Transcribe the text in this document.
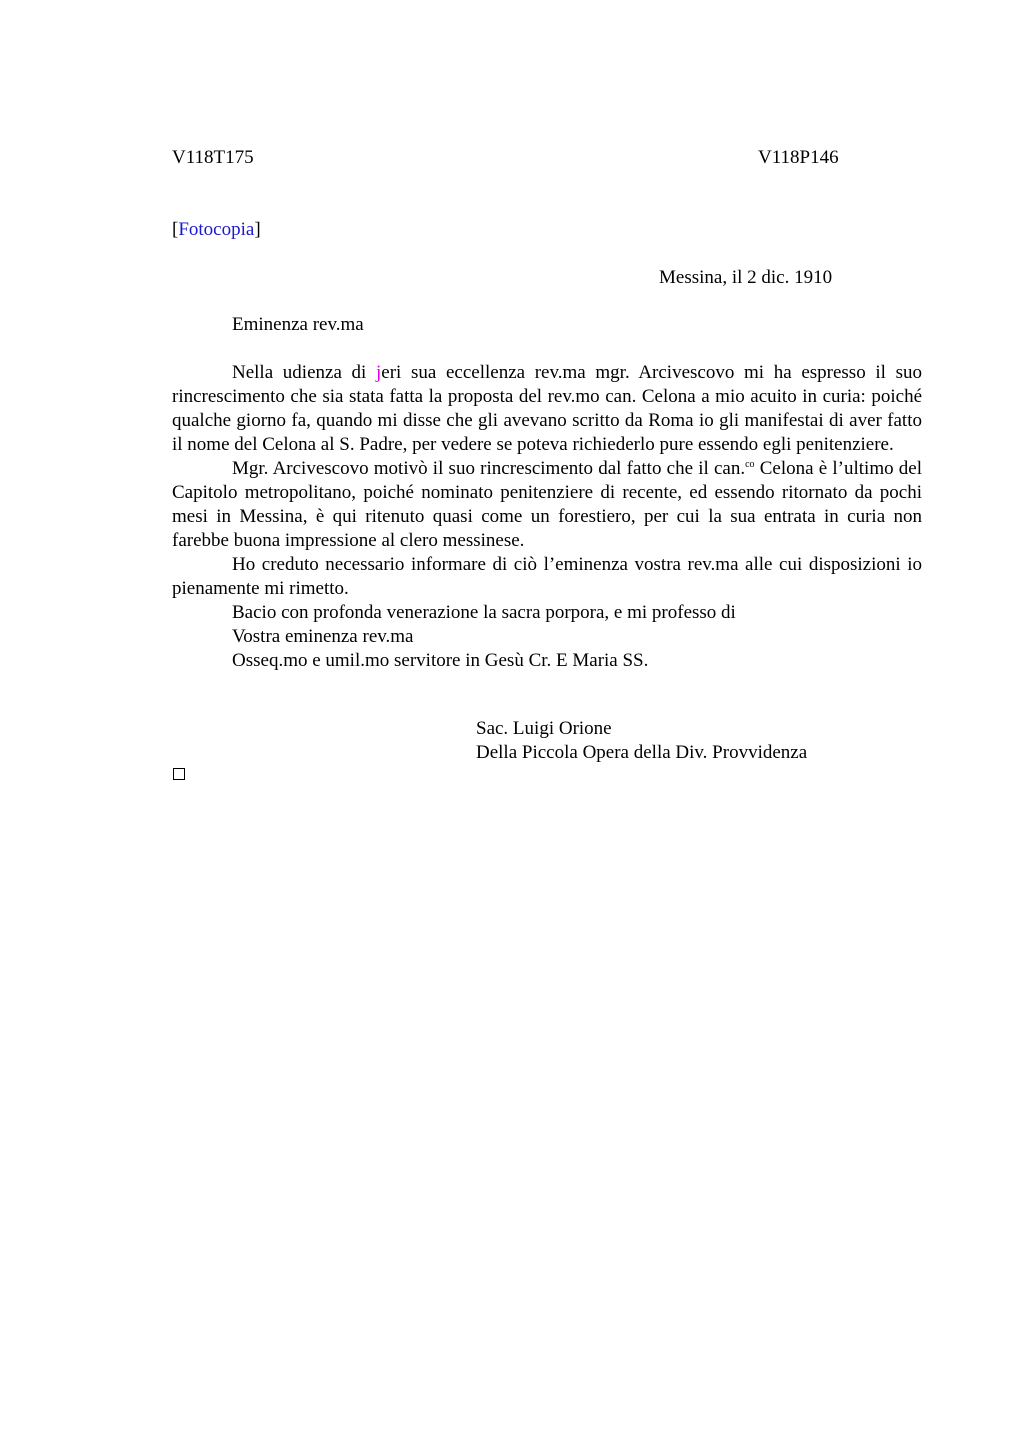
V118T175	V118P146
[Fotocopia]
Messina, il 2 dic. 1910
Eminenza rev.ma

Nella udienza di jeri sua eccellenza rev.ma mgr. Arcivescovo mi ha espresso il suo rincrescimento che sia stata fatta la proposta del rev.mo can. Celona a mio acuito in curia: poiché qualche giorno fa, quando mi disse che gli avevano scritto da Roma io gli manifestai di aver fatto il nome del Celona al S. Padre, per vedere se poteva richiederlo pure essendo egli penitenziere.

Mgr. Arcivescovo motivò il suo rincrescimento dal fatto che il can.$^{co}$ Celona è l’ultimo del Capitolo metropolitano, poiché nominato penitenziere di recente, ed essendo ritornato da pochi mesi in Messina, è qui ritenuto quasi come un forestiero, per cui la sua entrata in curia non farebbe buona impressione al clero messinese.

Ho creduto necessario informare di ciò l’eminenza vostra rev.ma alle cui disposizioni io pienamente mi rimetto.

Bacio con profonda venerazione la sacra porpora, e mi professo di

Vostra eminenza rev.ma

Osseq.mo e umil.mo servitore in Gesù Cr. E Maria SS.

Sac. Luigi Orione
Della Piccola Opera della Div. Provvidenza
